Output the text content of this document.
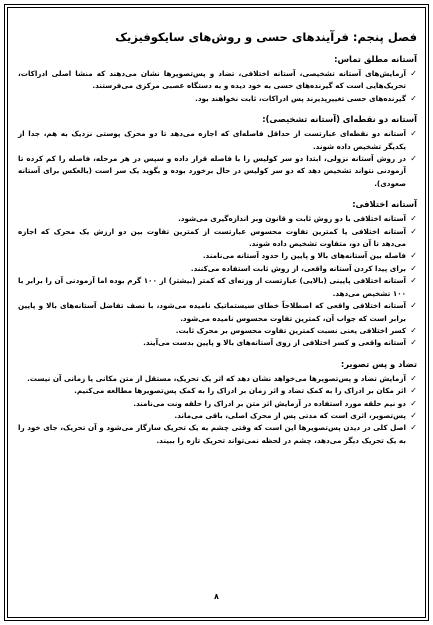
فصل پنجم: فرآیندهای حسی و روش‌های سایکوفیزیک
آستانه مطلق تماس:
✓
آزمایش‌های آستانه تشخیصی، آستانه اختلافی، تضاد و پس‌تصویرها نشان می‌دهند که منشا اصلی ادراکات، تحریک‌هایی است که گیرنده‌های حسی به خود دیده و به دستگاه عصبی مرکزی می‌فرستند.
✓
گیرنده‌های حسی تغییرپذیرند پس ادراکات، ثابت نخواهند بود.
آستانه دو نقطه‌ای (آستانه تشخیصی):
✓
آستانه دو نقطه‌ای عبارتست از حداقل فاصله‌ای که اجازه می‌دهد تا دو محرک پوستی نزدیک به هم، جدا از یکدیگر تشخیص داده شوند.
✓
در روش آستانه نزولی، ابتدا دو سر کولیس را با فاصله قرار داده و سپس در هر مرحله، فاصله را کم کرده تا آزمودنی نتواند تشخیص دهد که دو سر کولیس در حال برخورد بوده و بگوید یک سر است (بالعکس برای آستانه صعودی).
آستانه اختلافی:
✓
آستانه اختلافی با دو روش ثابت و قانون وبر اندازه‌گیری می‌شود.
✓
آستانه اختلافی یا کمترین تفاوت محسوس عبارتست از کمترین تفاوت بین دو ارزش یک محرک که اجازه می‌دهد تا آن دو، متفاوت تشخیص داده شوند.
✓
فاصله بین آستانه‌های بالا و پایین را حدود آستانه می‌نامند.
✓
برای پیدا کردن آستانه واقعی، از روش ثابت استفاده می‌کنند.
✓
آستانه اختلافی پایینی (بالایی) عبارتست از وزنه‌ای که کمتر (بیشتر) از ۱۰۰ گرم بوده اما آزمودنی آن را برابر با ۱۰۰ تشخیص می‌دهد.
✓
آستانه اختلافی واقعی که اصطلاحاً خطای سیستماتیک نامیده می‌شود، با نصف تفاضل آستانه‌های بالا و پایین برابر است که جواب آن، کمترین تفاوت محسوس نامیده می‌شود.
✓
کسر اختلافی یعنی نسبت کمترین تفاوت محسوس بر محرک ثابت.
✓
آستانه واقعی و کسر اختلافی از روی آستانه‌های بالا و پایین بدست می‌آیند.
تضاد و پس تصویر:
✓
آزمایش تضاد و پس‌تصویرها می‌خواهد نشان دهد که اثر یک تحریک، مستقل از متن مکانی یا زمانی آن نیست.
✓
اثر مکان بر ادراک را به کمک تضاد و اثر زمان بر ادراک را به کمک پس‌تصویرها مطالعه می‌کنیم.
✓
دو نیم حلقه مورد استفاده در آزمایش اثر متن بر ادراک را حلقه ونت می‌نامند.
✓
پس‌تصویر، اثری است که مدتی پس از محرک اصلی، باقی می‌ماند.
✓
اصل کلی در دیدن پس‌تصویرها این است که وقتی چشم به یک تحریک سازگار می‌شود و آن تحریک، جای خود را به یک تحریک دیگر می‌دهد، چشم در لحظه نمی‌تواند تحریک تازه را ببیند.
۸
